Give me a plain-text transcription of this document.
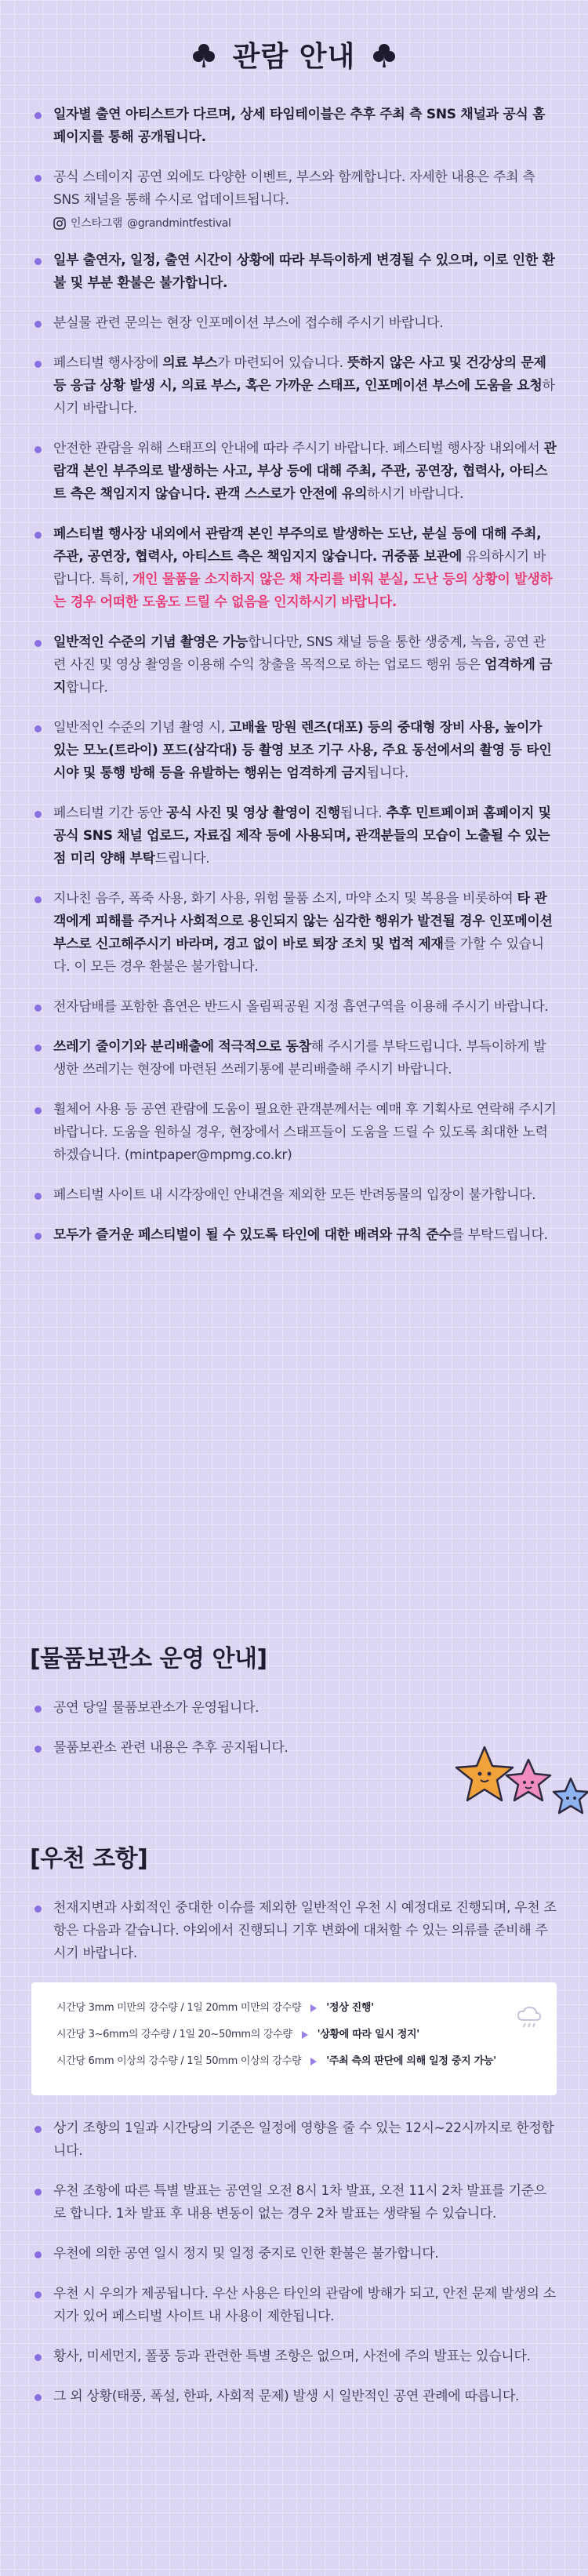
관람 안내
일자별 출연 아티스트가 다르며, 상세 타임테이블은 추후 주최 측 SNS 채널과 공식 홈페이지를 통해 공개됩니다.
공식 스테이지 공연 외에도 다양한 이벤트, 부스와 함께합니다. 자세한 내용은 주최 측 SNS 채널을 통해 수시로 업데이트됩니다.
인스타그램 @grandmintfestival
일부 출연자, 일정, 출연 시간이 상황에 따라 부득이하게 변경될 수 있으며, 이로 인한 환불 및 부분 환불은 불가합니다.
분실물 관련 문의는 현장 인포메이션 부스에 접수해 주시기 바랍니다.
페스티벌 행사장에 의료 부스가 마련되어 있습니다. 뜻하지 않은 사고 및 건강상의 문제 등 응급 상황 발생 시, 의료 부스, 혹은 가까운 스태프, 인포메이션 부스에 도움을 요청하시기 바랍니다.
안전한 관람을 위해 스태프의 안내에 따라 주시기 바랍니다. 페스티벌 행사장 내외에서 관람객 본인 부주의로 발생하는 사고, 부상 등에 대해 주최, 주관, 공연장, 협력사, 아티스트 측은 책임지지 않습니다. 관객 스스로가 안전에 유의하시기 바랍니다.
페스티벌 행사장 내외에서 관람객 본인 부주의로 발생하는 도난, 분실 등에 대해 주최, 주관, 공연장, 협력사, 아티스트 측은 책임지지 않습니다. 귀중품 보관에 유의하시기 바랍니다. 특히, 개인 물품을 소지하지 않은 채 자리를 비워 분실, 도난 등의 상황이 발생하는 경우 어떠한 도움도 드릴 수 없음을 인지하시기 바랍니다.
일반적인 수준의 기념 촬영은 가능합니다만, SNS 채널 등을 통한 생중계, 녹음, 공연 관련 사진 및 영상 촬영을 이용해 수익 창출을 목적으로 하는 업로드 행위 등은 엄격하게 금지합니다.
일반적인 수준의 기념 촬영 시, 고배율 망원 렌즈(대포) 등의 중대형 장비 사용, 높이가 있는 모노(트라이) 포드(삼각대) 등 촬영 보조 기구 사용, 주요 동선에서의 촬영 등 타인 시야 및 통행 방해 등을 유발하는 행위는 엄격하게 금지됩니다.
페스티벌 기간 동안 공식 사진 및 영상 촬영이 진행됩니다. 추후 민트페이퍼 홈페이지 및 공식 SNS 채널 업로드, 자료집 제작 등에 사용되며, 관객분들의 모습이 노출될 수 있는 점 미리 양해 부탁드립니다.
지나친 음주, 폭죽 사용, 화기 사용, 위험 물품 소지, 마약 소지 및 복용을 비롯하여 타 관객에게 피해를 주거나 사회적으로 용인되지 않는 심각한 행위가 발견될 경우 인포메이션 부스로 신고해주시기 바라며, 경고 없이 바로 퇴장 조치 및 법적 제재를 가할 수 있습니다. 이 모든 경우 환불은 불가합니다.
전자담배를 포함한 흡연은 반드시 올림픽공원 지정 흡연구역을 이용해 주시기 바랍니다.
쓰레기 줄이기와 분리배출에 적극적으로 동참해 주시기를 부탁드립니다. 부득이하게 발생한 쓰레기는 현장에 마련된 쓰레기통에 분리배출해 주시기 바랍니다.
휠체어 사용 등 공연 관람에 도움이 필요한 관객분께서는 예매 후 기획사로 연락해 주시기 바랍니다. 도움을 원하실 경우, 현장에서 스태프들이 도움을 드릴 수 있도록 최대한 노력하겠습니다. (mintpaper@mpmg.co.kr)
페스티벌 사이트 내 시각장애인 안내견을 제외한 모든 반려동물의 입장이 불가합니다.
모두가 즐거운 페스티벌이 될 수 있도록 타인에 대한 배려와 규칙 준수를 부탁드립니다.
[물품보관소 운영 안내]
공연 당일 물품보관소가 운영됩니다.
물품보관소 관련 내용은 추후 공지됩니다.
[우천 조항]
천재지변과 사회적인 중대한 이슈를 제외한 일반적인 우천 시 예정대로 진행되며, 우천 조항은 다음과 같습니다. 야외에서 진행되니 기후 변화에 대처할 수 있는 의류를 준비해 주시기 바랍니다.
시간당 3mm 미만의 강수량 / 1일 20mm 미만의 강수량 '정상 진행'
시간당 3~6mm의 강수량 / 1일 20~50mm의 강수량 '상황에 따라 일시 정지'
시간당 6mm 이상의 강수량 / 1일 50mm 이상의 강수량 '주최 측의 판단에 의해 일정 중지 가능'
상기 조항의 1일과 시간당의 기준은 일정에 영향을 줄 수 있는 12시~22시까지로 한정합니다.
우천 조항에 따른 특별 발표는 공연일 오전 8시 1차 발표, 오전 11시 2차 발표를 기준으로 합니다. 1차 발표 후 내용 변동이 없는 경우 2차 발표는 생략될 수 있습니다.
우천에 의한 공연 일시 정지 및 일정 중지로 인한 환불은 불가합니다.
우천 시 우의가 제공됩니다. 우산 사용은 타인의 관람에 방해가 되고, 안전 문제 발생의 소지가 있어 페스티벌 사이트 내 사용이 제한됩니다.
황사, 미세먼지, 폴풍 등과 관련한 특별 조항은 없으며, 사전에 주의 발표는 있습니다.
그 외 상황(태풍, 폭설, 한파, 사회적 문제) 발생 시 일반적인 공연 관례에 따릅니다.
